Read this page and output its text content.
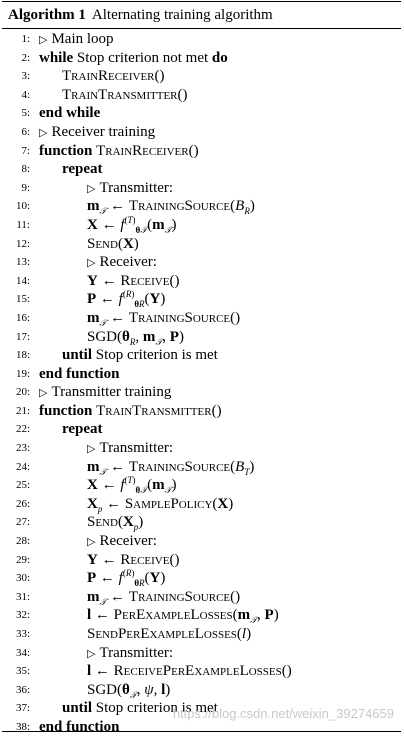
Algorithm 1 Alternating training algorithm
1: ▷ Main loop
2: while Stop criterion not met do
3: TrainReceiver()
4: TrainTransmitter()
5: end while
6: ▷ Receiver training
7: function TrainReceiver()
8: repeat
9:	▷ Transmitter:
10:	$m_𝒯$ ← $TrainingSource(B_R)$
11:	X ← $f^{(T)}_{\theta 𝒯}(m_𝒯)$
12:	Send(X)
13:	▷ Receiver:
14:	Y ← Receive()
15:	P ← $f^{(R)}_{\theta R}(Y)$
16:	$m_𝒯$ ← TrainingSource()
17:	$SGD(\theta_R$, $m_𝒯$, P)
18: until Stop criterion is met
19: end function
20: ▷ Transmitter training
21: function TrainTransmitter()
22: repeat
23:	▷ Transmitter:
24:	$m_𝒯$ ← $TrainingSource(B_T)$
25:	X ← $f^{(T)}_{\theta 𝒯}(m_𝒯)$
26:	$X_p$ ← SamplePolicy(X)
27:	$Send(X_p)$
28:	▷ Receiver:
29:	Y ← Receive()
30:	P ← $f^{(R)}_{\theta R}(Y)$
31:	$m_𝒯$ ← TrainingSource()
32:	l ← $PerExampleLosses(m_𝒯$, P)
33:	SendPerExampleLosses(l)
34:	▷ Transmitter:
35:	l ← ReceivePerExampleLosses()
36:	$SGD(\theta_𝒯$, ψ, l)
37: until Stop criterion is met
38: end function
https://blog.csdn.net/weixin_39274659
